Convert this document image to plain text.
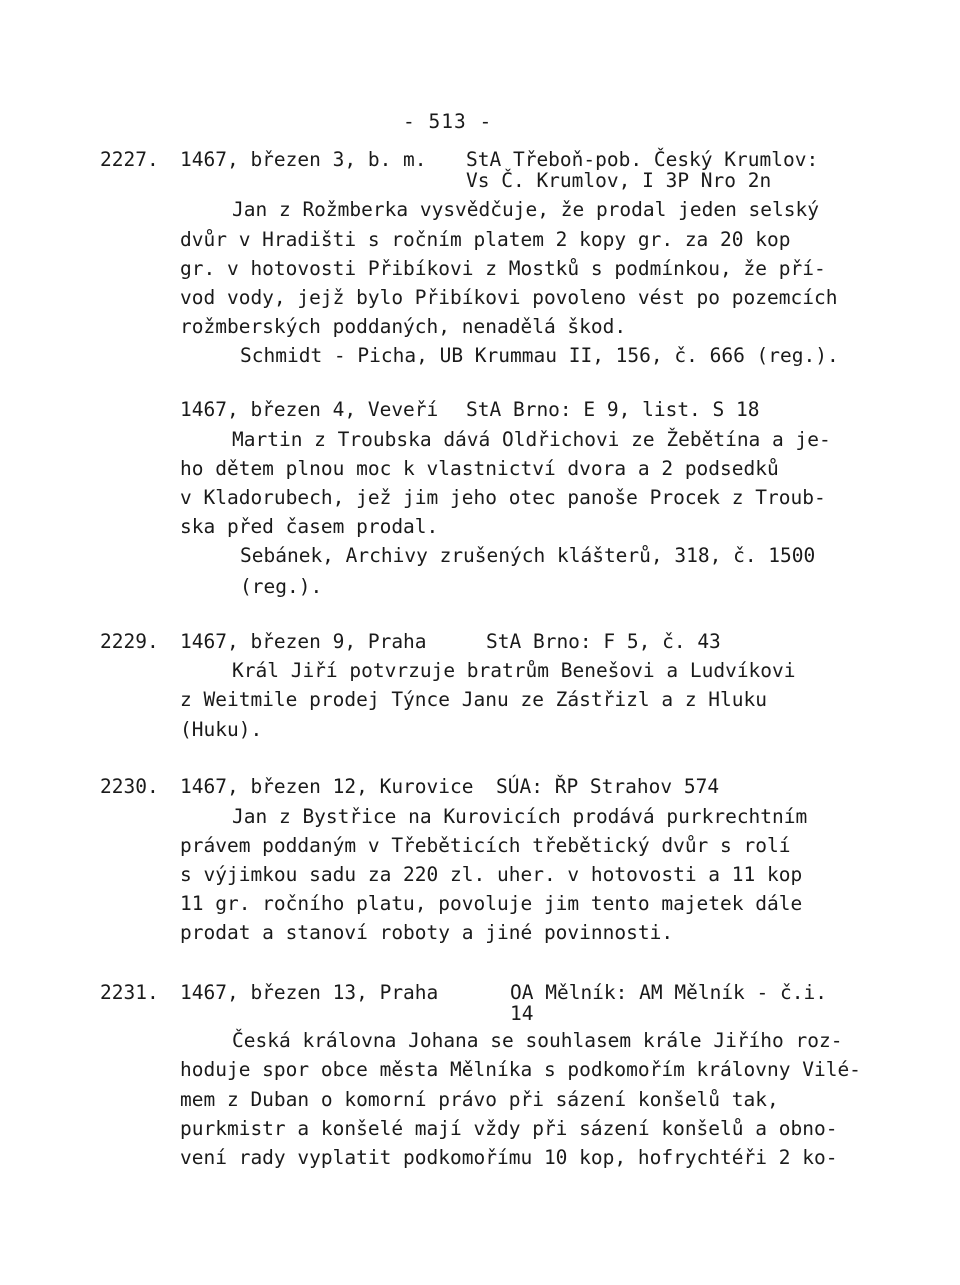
- 513 -
2227. 1467, březen 3, b. m. StA Třeboň-pob. Český Krumlov:
Vs Č. Krumlov, I 3P Nro 2n
Jan z Rožmberka vysvědčuje, že prodal jeden selský
dvůr v Hradišti s ročním platem 2 kopy gr. za 20 kop
gr. v hotovosti Přibíkovi z Mostků s podmínkou, že pří-
vod vody, jejž bylo Přibíkovi povoleno vést po pozemcích
rožmberských poddaných, nenadělá škod.
Schmidt - Picha, UB Krummau II, 156, č. 666 (reg.).
1467, březen 4, Veveří StA Brno: E 9, list. S 18
Martin z Troubska dává Oldřichovi ze Žebětína a je-
ho dětem plnou moc k vlastnictví dvora a 2 podsedků
v Kladorubech, jež jim jeho otec panoše Procek z Troub-
ska před časem prodal.
Sebánek, Archivy zrušených klášterů, 318, č. 1500
(reg.).
2229. 1467, březen 9, Praha	StA Brno: F 5, č. 43
Král Jiří potvrzuje bratrům Benešovi a Ludvíkovi
z Weitmile prodej Týnce Janu ze Zástřizl a z Hluku
(Huku).
2230. 1467, březen 12, Kurovice SÚA: ŘP Strahov 574
Jan z Bystřice na Kurovicích prodává purkrechtním
právem poddaným v Třeběticích třebětický dvůr s rolí
s výjimkou sadu za 220 zl. uher. v hotovosti a 11 kop
11 gr. ročního platu, povoluje jim tento majetek dále
prodat a stanoví roboty a jiné povinnosti.
2231. 1467, březen 13, Praha	OA Mělník: AM Mělník - č.i.
14
Česká královna Johana se souhlasem krále Jiřího roz-
hoduje spor obce města Mělníka s podkomořím královny Vilé-
mem z Duban o komorní právo při sázení konšelů tak,
purkmistr a konšelé mají vždy při sázení konšelů a obno-
vení rady vyplatit podkomořímu 10 kop, hofrychtéři 2 ko-
